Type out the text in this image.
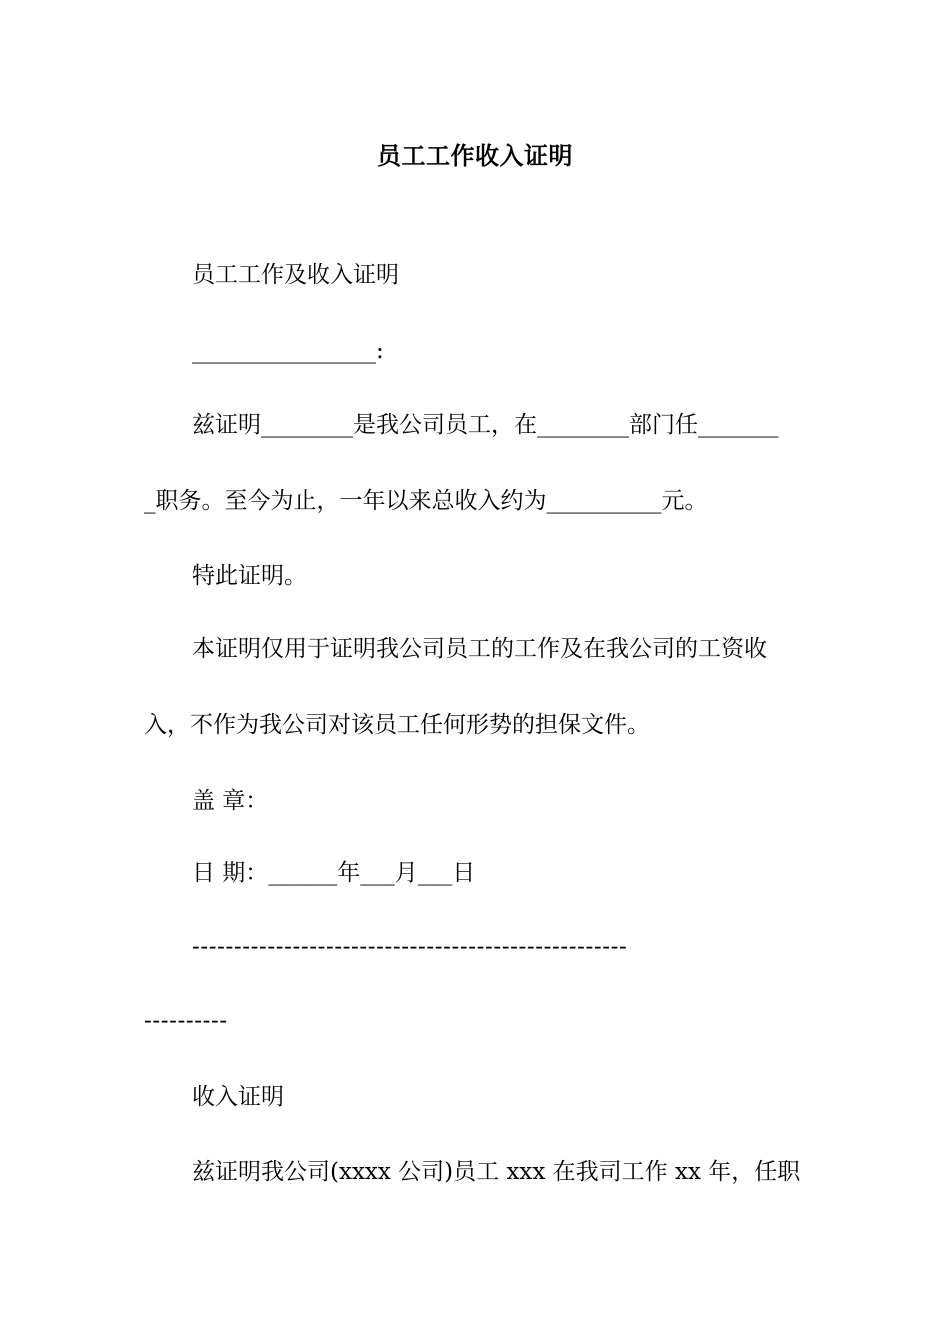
员工工作收入证明
员工工作及收入证明
________________:
兹证明________是我公司员工，在________部门任_______
_职务。至今为止，一年以来总收入约为__________元。
特此证明。
本证明仅用于证明我公司员工的工作及在我公司的工资收
入，不作为我公司对该员工任何形势的担保文件。
盖 章：
日 期：______年___月___日
----------------------------------------------------
----------
收入证明
兹证明我公司(xxxx 公司)员工 xxx 在我司工作 xx 年，任职
